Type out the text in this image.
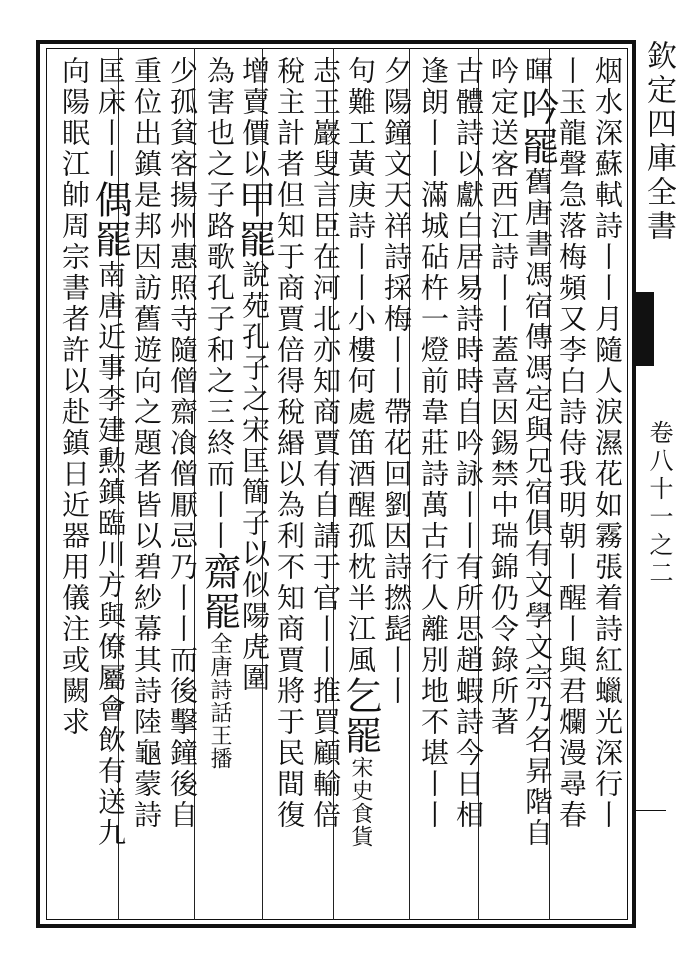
烟水深蘇軾詩丨丨月隨人淚濕花如霧張着詩紅蠟光深行丨
丨玉龍聲急落梅頻又李白詩侍我明朝丨醒丨與君爛漫尋春
暉吟罷舊唐書馮宿傳馮定與兄宿俱有文學文宗乃名昇階自
吟定送客西江詩丨丨蓋喜因錫禁中瑞錦仍令錄所著
古體詩以獻白居易詩時時自吟詠丨丨有所思趙蝦詩今日相
逢朗丨丨滿城砧杵一燈前韋莊詩萬古行人離別地不堪丨丨
夕陽鐘文天祥詩採梅丨丨帶花回劉因詩撚髭丨丨
句難工黃庚詩丨丨小樓何處笛酒醒孤枕半江風乞罷宋史食貨
志王巖叟言臣在河北亦知商賈有自請于官丨丨推買顧輸倍
稅主計者但知于商賈倍得稅緡以為利不知商賈將于民間復
增賣價以甲罷說苑孔子之宋匡簡子以似陽虎圍
為害也之子路歌孔子和之三終而丨丨齋罷全唐詩話王播
少孤貧客揚州惠照寺隨僧齋飡僧厭忌乃丨丨而後擊鐘後自
重位出鎮是邦因訪舊遊向之題者皆以碧紗幕其詩陸龜蒙詩
匡床丨丨偶罷南唐近事李建勲鎮臨川方與僚屬會飲有送九
向陽眠江帥周宗書者許以赴鎮日近器用儀注或闕求
欽定四庫全書
卷八十一之二
